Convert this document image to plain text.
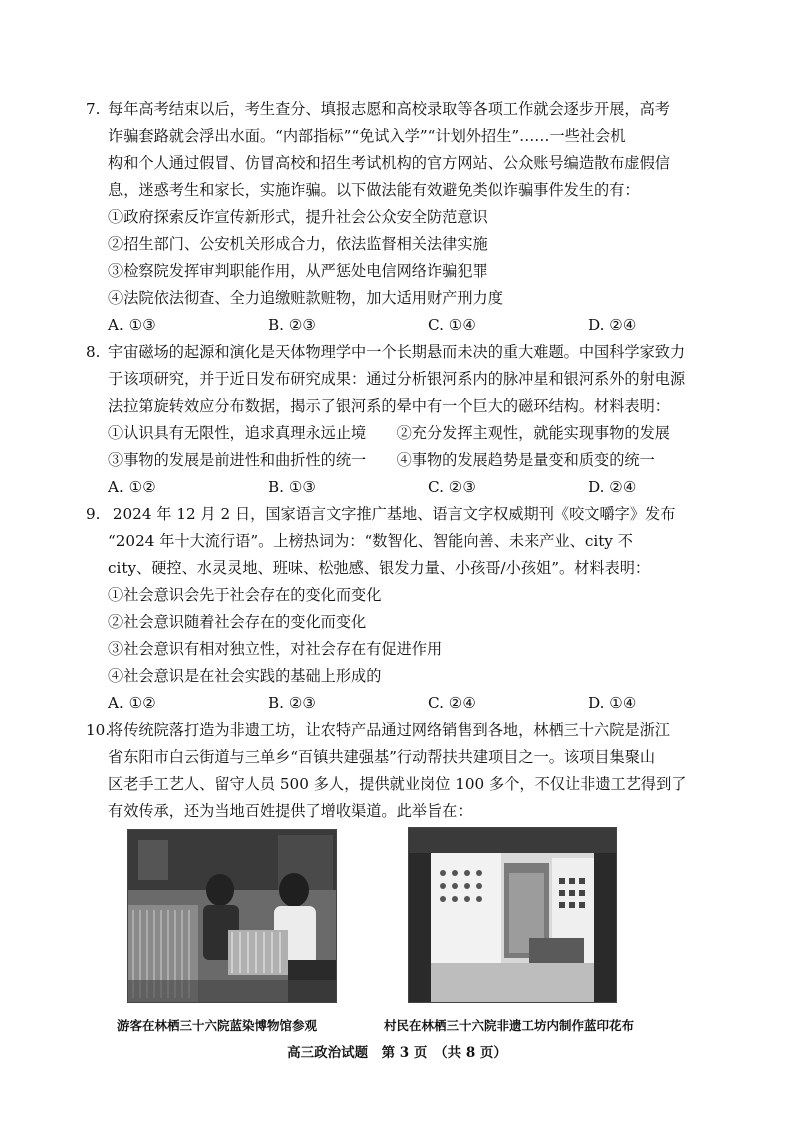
7. 每年高考结束以后，考生查分、填报志愿和高校录取等各项工作就会逐步开展，高考
诈骗套路就会浮出水面。“内部指标”“免试入学”“计划外招生”……一些社会机
构和个人通过假冒、仿冒高校和招生考试机构的官方网站、公众账号编造散布虚假信
息，迷惑考生和家长，实施诈骗。以下做法能有效避免类似诈骗事件发生的有：
①政府探索反诈宣传新形式，提升社会公众安全防范意识
②招生部门、公安机关形成合力，依法监督相关法律实施
③检察院发挥审判职能作用，从严惩处电信网络诈骗犯罪
④法院依法彻查、全力追缴赃款赃物，加大适用财产刑力度
A. ①③	B. ②③	C. ①④	D. ②④
8. 宇宙磁场的起源和演化是天体物理学中一个长期悬而未决的重大难题。中国科学家致力
于该项研究，并于近日发布研究成果：通过分析银河系内的脉冲星和银河系外的射电源
法拉第旋转效应分布数据，揭示了银河系的晕中有一个巨大的磁环结构。材料表明：
①认识具有无限性，追求真理永远止境　　②充分发挥主观性，就能实现事物的发展
③事物的发展是前进性和曲折性的统一　　④事物的发展趋势是量变和质变的统一
A. ①②	B. ①③	C. ②③	D. ②④
9. 2024 年 12 月 2 日，国家语言文字推广基地、语言文字权威期刊《咬文嚼字》发布
“2024 年十大流行语”。上榜热词为：“数智化、智能向善、未来产业、city 不
city、硬控、水灵灵地、班味、松弛感、银发力量、小孩哥/小孩姐”。材料表明：
①社会意识会先于社会存在的变化而变化
②社会意识随着社会存在的变化而变化
③社会意识有相对独立性，对社会存在有促进作用
④社会意识是在社会实践的基础上形成的
A. ①②	B. ②③	C. ②④	D. ①④
10.将传统院落打造为非遗工坊，让农特产品通过网络销售到各地，林栖三十六院是浙江
省东阳市白云街道与三单乡“百镇共建强基”行动帮扶共建项目之一。该项目集聚山
区老手工艺人、留守人员 500 多人，提供就业岗位 100 多个，不仅让非遗工艺得到了
有效传承，还为当地百姓提供了增收渠道。此举旨在：
游客在林栖三十六院蓝染博物馆参观	村民在林栖三十六院非遗工坊内制作蓝印花布
高三政治试题　第 3 页　（共 8 页）
